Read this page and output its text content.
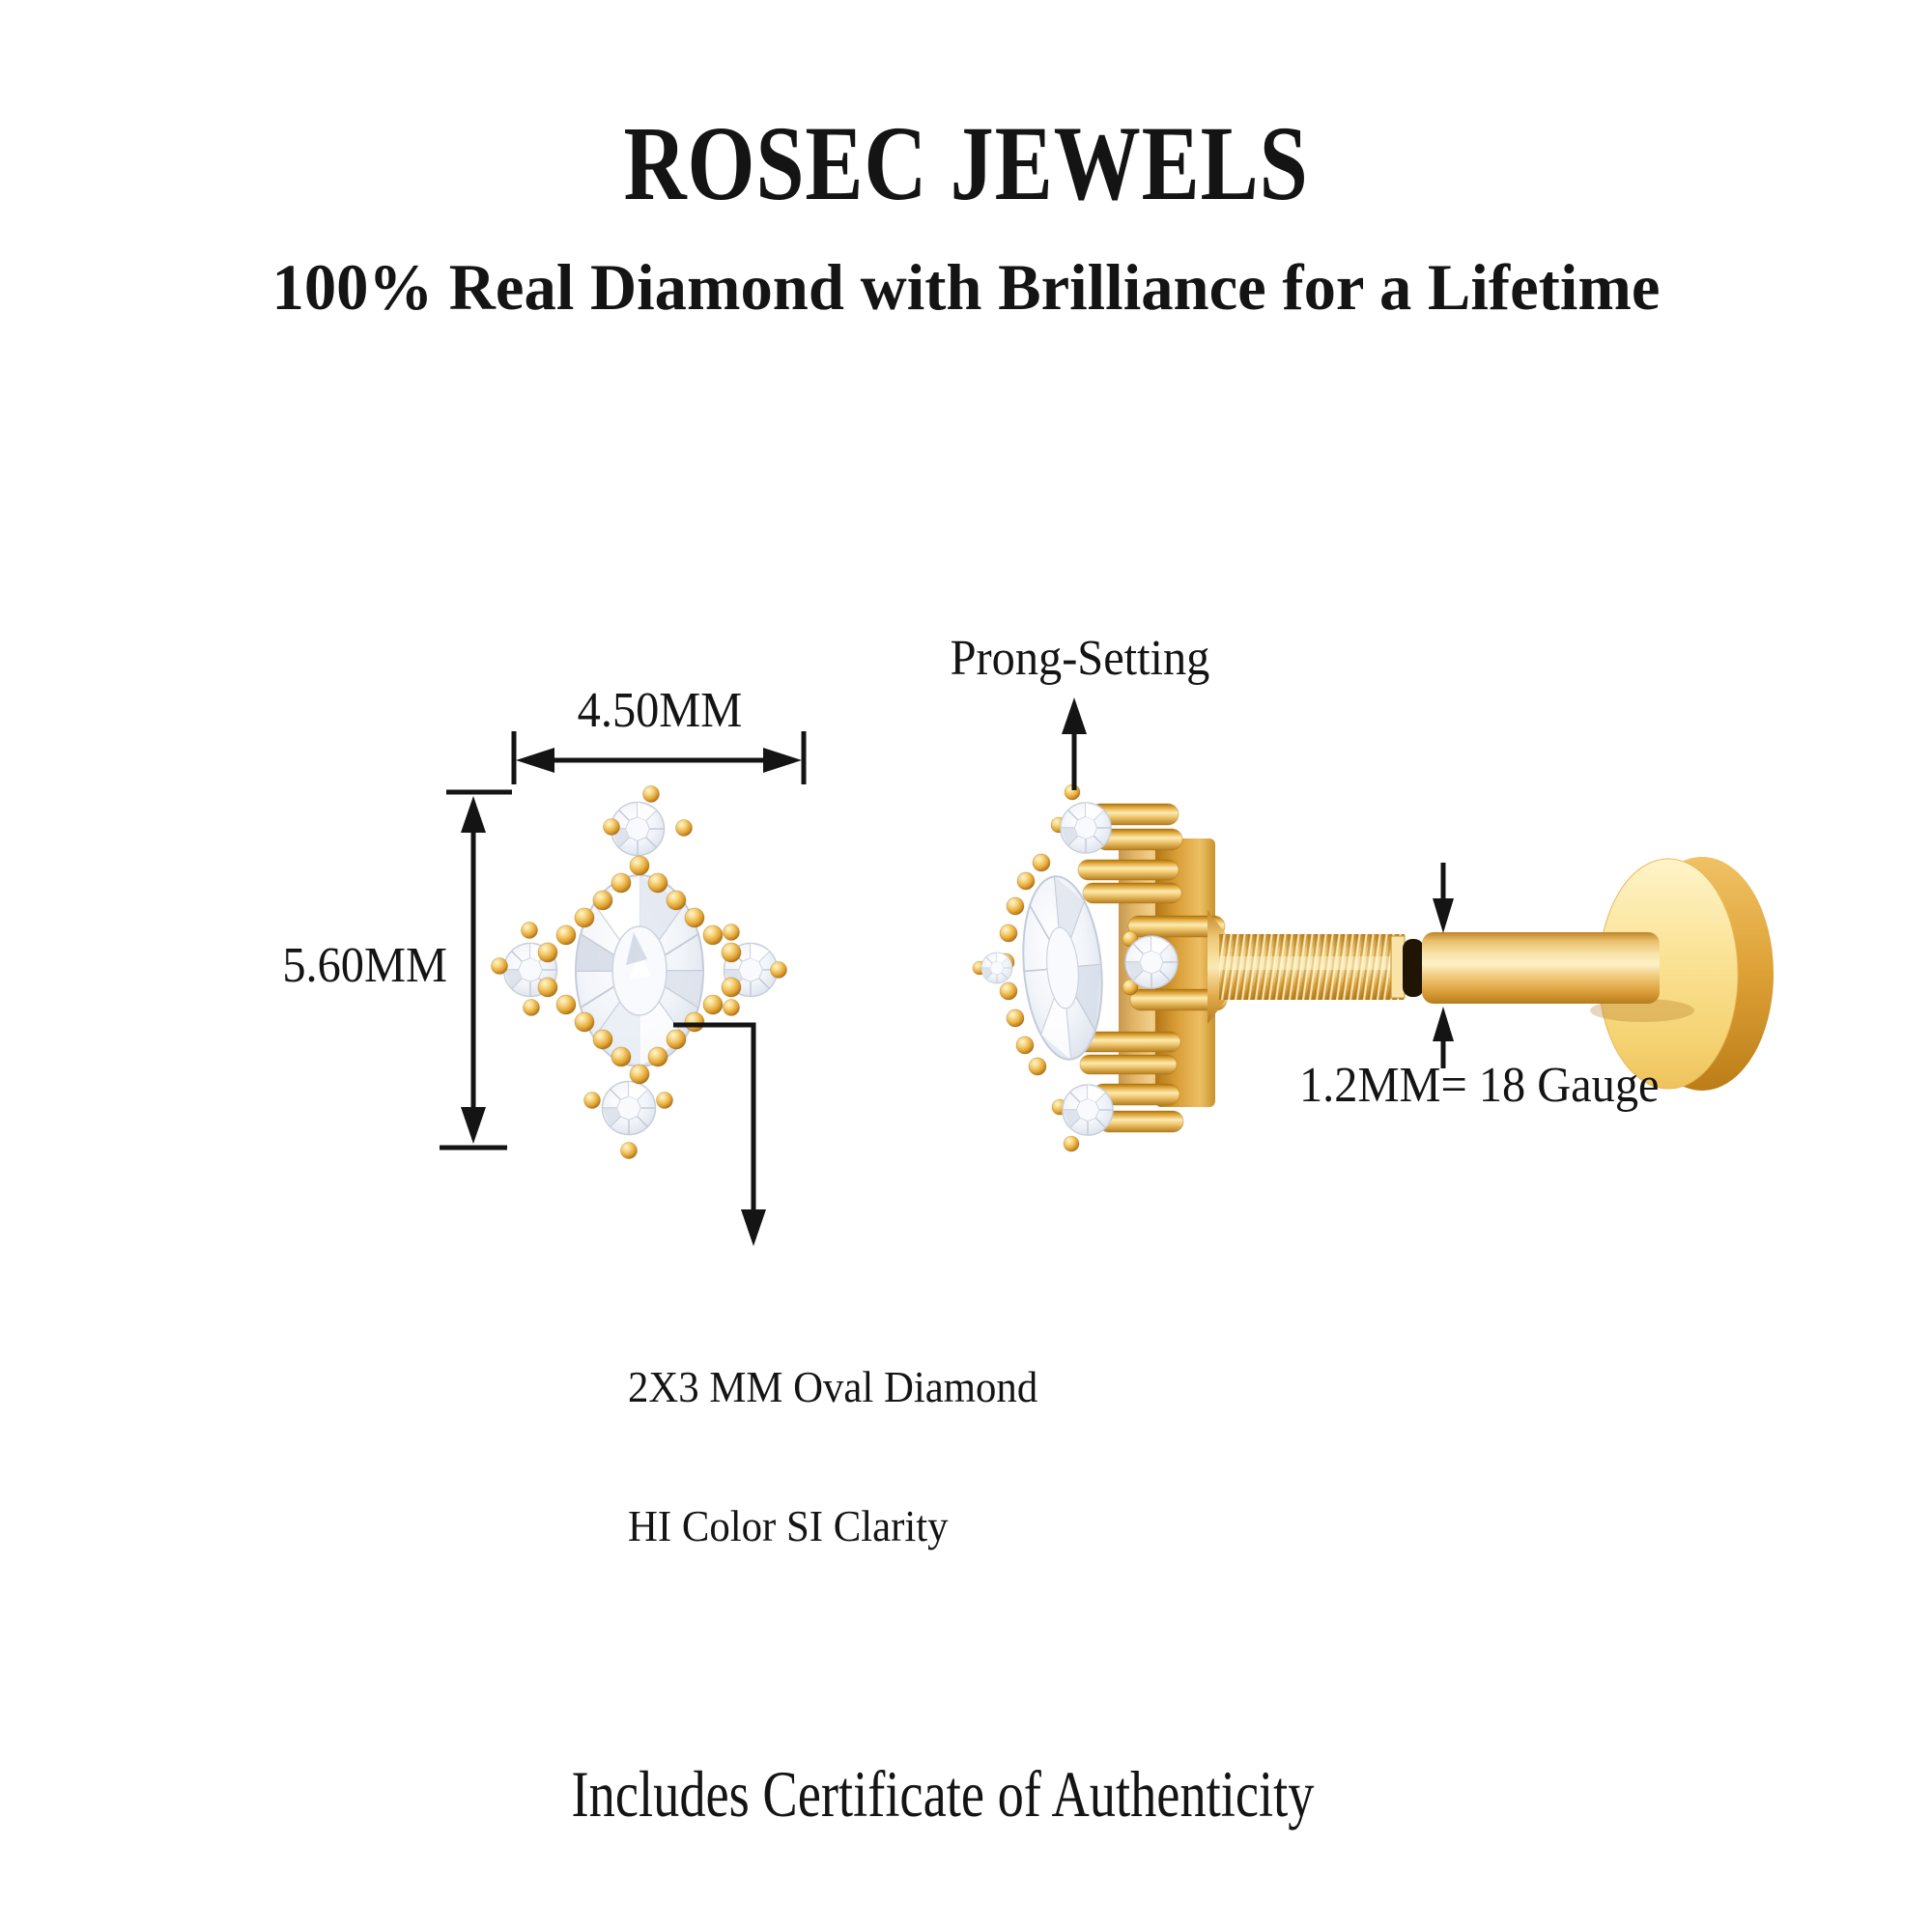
ROSEC JEWELS
100% Real Diamond with Brilliance for a Lifetime
4.50MM
5.60MM
Prong-Setting
1.2MM= 18 Gauge

2X3 MM Oval Diamond

HI Color SI Clarity

Includes Certificate of Authenticity
